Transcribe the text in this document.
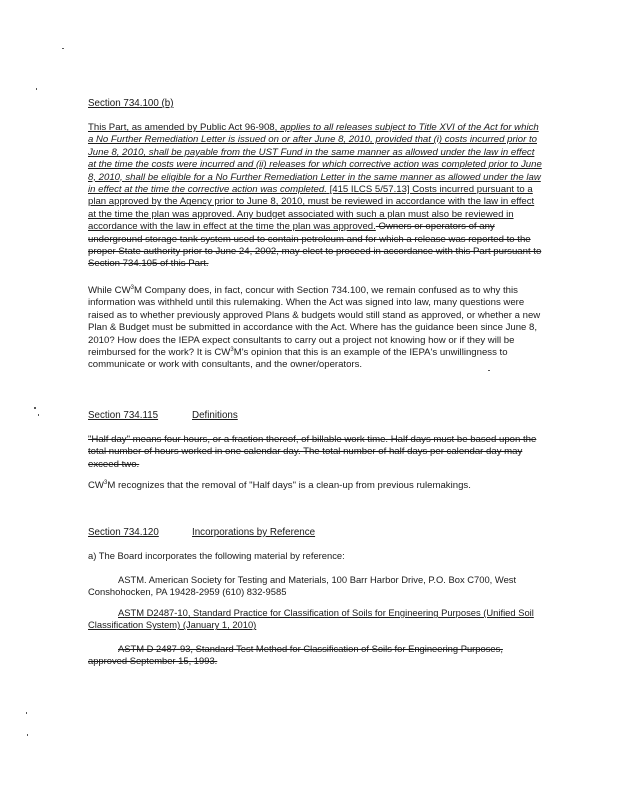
Section 734.100 (b)

This Part, as amended by Public Act 96-908, applies to all releases subject to Title XVI of the Act for which a No Further Remediation Letter is issued on or after June 8, 2010, provided that (i) costs incurred prior to June 8, 2010, shall be payable from the UST Fund in the same manner as allowed under the law in effect at the time the costs were incurred and (ii) releases for which corrective action was completed prior to June 8, 2010, shall be eligible for a No Further Remediation Letter in the same manner as allowed under the law in effect at the time the corrective action was completed. [415 ILCS 5/57.13] Costs incurred pursuant to a plan approved by the Agency prior to June 8, 2010, must be reviewed in accordance with the law in effect at the time the plan was approved. Any budget associated with such a plan must also be reviewed in accordance with the law in effect at the time the plan was approved. Owners or operators of any underground storage tank system used to contain petroleum and for which a release was reported to the proper State authority prior to June 24, 2002, may elect to proceed in accordance with this Part pursuant to Section 734.105 of this Part.

While $CW^3M$ Company does, in fact, concur with Section 734.100, we remain confused as to why this information was withheld until this rulemaking. When the Act was signed into law, many questions were raised as to whether previously approved Plans & budgets would still stand as approved, or whether a new Plan & Budget must be submitted in accordance with the Act. Where has the guidance been since June 8, 2010? How does the IEPA expect consultants to carry out a project not knowing how or if they will be reimbursed for the work? It is $CW^3M's$ opinion that this is an example of the IEPA's unwillingness to communicate or work with consultants, and the owner/operators.

Section 734.115	Definitions

"Half day" means four hours, or a fraction thereof, of billable work time. Half days must be based upon the total number of hours worked in one calendar day. The total number of half days per calendar day may exceed two.

$CW^3M$ recognizes that the removal of "Half days" is a clean-up from previous rulemakings.

Section 734.120	Incorporations by Reference

a) The Board incorporates the following material by reference:

ASTM. American Society for Testing and Materials, 100 Barr Harbor Drive, P.O. Box C700, West Conshohocken, PA 19428-2959 (610) 832-9585

ASTM D2487-10, Standard Practice for Classification of Soils for Engineering Purposes (Unified Soil Classification System) (January 1, 2010)

ASTM D 2487-93, Standard Test Method for Classification of Soils for Engineering Purposes, approved September 15, 1993.
